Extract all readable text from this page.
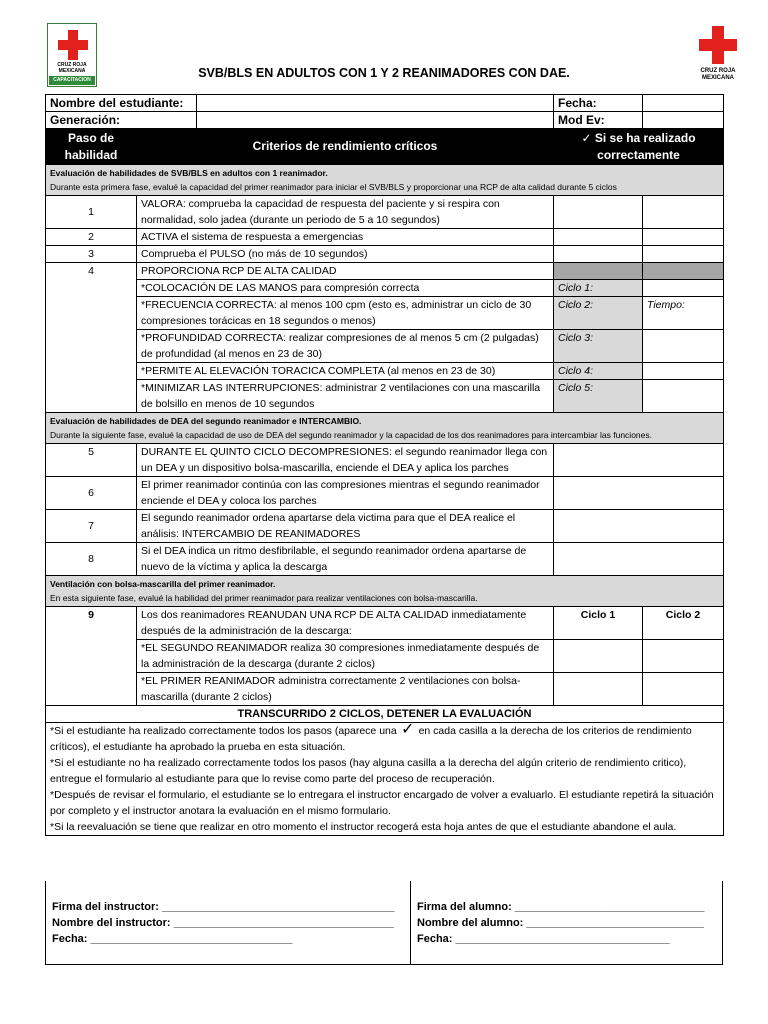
CRUZ ROJA MEXICANA
CAPACITACION
CRUZ ROJA MEXICANA
SVB/BLS EN ADULTOS CON 1 Y 2 REANIMADORES CON DAE.
Nombre del estudiante:		Fecha:	

Generación:		Mod Ev:	
Paso de habilidad	Criterios de rendimiento críticos	✓ Si se ha realizado correctamente	

Evaluación de habilidades de SVB/BLS en adultos con 1 reanimador.
Durante esta primera fase, evalué la capacidad del primer reanimador para iniciar el SVB/BLS y proporcionar una RCP de alta calidad durante 5 ciclos			

1	VALORA: comprueba la capacidad de respuesta del paciente y si respira con normalidad, solo jadea (durante un periodo de 5 a 10 segundos)		
2	ACTIVA el sistema de respuesta a emergencias		
3	Comprueba el PULSO (no más de 10 segundos)		
4	PROPORCIONA RCP DE ALTA CALIDAD		
	*COLOCACIÓN DE LAS MANOS para compresión correcta	Ciclo 1:	
	*FRECUENCIA CORRECTA: al menos 100 cpm (esto es, administrar un ciclo de 30 compresiones torácicas en 18 segundos o menos)	Ciclo 2:	Tiempo:
	*PROFUNDIDAD CORRECTA: realizar compresiones de al menos 5 cm (2 pulgadas) de profundidad (al menos en 23 de 30)	Ciclo 3:	
	*PERMITE AL ELEVACIÓN TORACICA COMPLETA (al menos en 23 de 30)	Ciclo 4:	
	*MINIMIZAR LAS INTERRUPCIONES: administrar 2 ventilaciones con una mascarilla de bolsillo en menos de 10 segundos	Ciclo 5:	

Evaluación de habilidades de DEA del segundo reanimador e INTERCAMBIO.
Durante la siguiente fase, evalué la capacidad de uso de DEA del segundo reanimador y la capacidad de los dos reanimadores para intercambiar las funciones.			

5	DURANTE EL QUINTO CICLO DECOMPRESIONES: el segundo reanimador llega con un DEA y un dispositivo bolsa-mascarilla, enciende el DEA y aplica los parches		
6	El primer reanimador continúa con las compresiones mientras el segundo reanimador enciende el DEA y coloca los parches		
7	El segundo reanimador ordena apartarse dela victima para que el DEA realice el análisis: INTERCAMBIO DE REANIMADORES		
8	Si el DEA indica un ritmo desfibrilable, el segundo reanimador ordena apartarse de nuevo de la víctima y aplica la descarga		

Ventilación con bolsa-mascarilla del primer reanimador.
En esta siguiente fase, evalué la habilidad del primer reanimador para realizar ventilaciones con bolsa-mascarilla.			

9	Los dos reanimadores REANUDAN UNA RCP DE ALTA CALIDAD inmediatamente después de la administración de la descarga:	Ciclo 1	Ciclo 2
	*EL SEGUNDO REANIMADOR realiza 30 compresiones inmediatamente después de la administración de la descarga (durante 2 ciclos)		
	*EL PRIMER REANIMADOR administra correctamente 2 ventilaciones con bolsa-mascarilla (durante 2 ciclos)		
TRANSCURRIDO 2 CICLOS, DETENER LA EVALUACIÓN			

*Si el estudiante ha realizado correctamente todos los pasos (aparece una ✓ en cada casilla a la derecha de los criterios de rendimiento críticos), el estudiante ha aprobado la prueba en esta situación.
*Si el estudiante no ha realizado correctamente todos los pasos (hay alguna casilla a la derecha del algún criterio de rendimiento critico), entregue el formulario al estudiante para que lo revise como parte del proceso de recuperación.
*Después de revisar el formulario, el estudiante se lo entregara el instructor encargado de volver a evaluarlo. El estudiante repetirá la situación por completo y el instructor anotara la evaluación en el mismo formulario.
*Si la reevaluación se tiene que realizar en otro momento el instructor recogerá esta hoja antes de que el estudiante abandone el aula.			
Firma del instructor: ______________________________________
Nombre del instructor: ____________________________________
Fecha: _________________________________
Firma del alumno: _______________________________
Nombre del alumno: _____________________________
Fecha: ___________________________________
